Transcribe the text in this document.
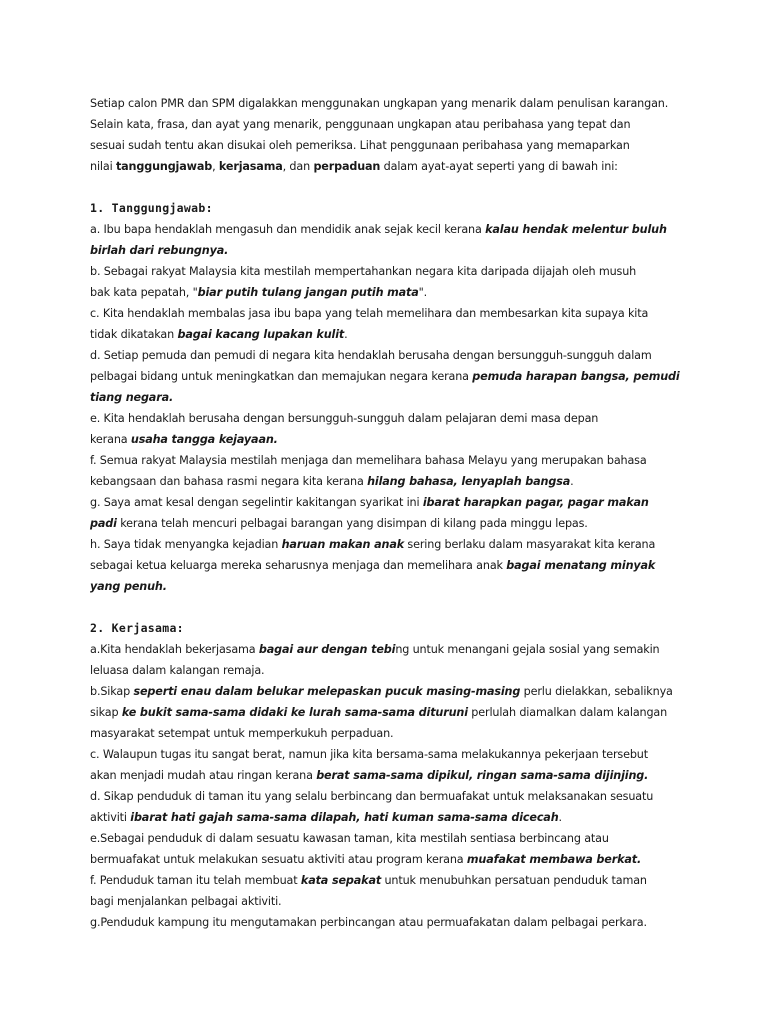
Setiap calon PMR dan SPM digalakkan menggunakan ungkapan yang menarik dalam penulisan karangan.
Selain kata, frasa, dan ayat yang menarik, penggunaan ungkapan atau peribahasa yang tepat dan
sesuai sudah tentu akan disukai oleh pemeriksa. Lihat penggunaan peribahasa yang memaparkan
nilai tanggungjawab, kerjasama, dan perpaduan dalam ayat-ayat seperti yang di bawah ini:
1. Tanggungjawab:
a. Ibu bapa hendaklah mengasuh dan mendidik anak sejak kecil kerana kalau hendak melentur buluh
birlah dari rebungnya.
b. Sebagai rakyat Malaysia kita mestilah mempertahankan negara kita daripada dijajah oleh musuh
bak kata pepatah, "biar putih tulang jangan putih mata".
c. Kita hendaklah membalas jasa ibu bapa yang telah memelihara dan membesarkan kita supaya kita
tidak dikatakan bagai kacang lupakan kulit.
d. Setiap pemuda dan pemudi di negara kita hendaklah berusaha dengan bersungguh-sungguh dalam
pelbagai bidang untuk meningkatkan dan memajukan negara kerana pemuda harapan bangsa, pemudi
tiang negara.
e. Kita hendaklah berusaha dengan bersungguh-sungguh dalam pelajaran demi masa depan
kerana usaha tangga kejayaan.
f. Semua rakyat Malaysia mestilah menjaga dan memelihara bahasa Melayu yang merupakan bahasa
kebangsaan dan bahasa rasmi negara kita kerana hilang bahasa, lenyaplah bangsa.
g. Saya amat kesal dengan segelintir kakitangan syarikat ini ibarat harapkan pagar, pagar makan
padi kerana telah mencuri pelbagai barangan yang disimpan di kilang pada minggu lepas.
h. Saya tidak menyangka kejadian haruan makan anak sering berlaku dalam masyarakat kita kerana
sebagai ketua keluarga mereka seharusnya menjaga dan memelihara anak bagai menatang minyak
yang penuh.
2. Kerjasama:
a.Kita hendaklah bekerjasama bagai aur dengan tebing untuk menangani gejala sosial yang semakin
leluasa dalam kalangan remaja.
b.Sikap seperti enau dalam belukar melepaskan pucuk masing-masing perlu dielakkan, sebaliknya
sikap ke bukit sama-sama didaki ke lurah sama-sama dituruni perlulah diamalkan dalam kalangan
masyarakat setempat untuk memperkukuh perpaduan.
c. Walaupun tugas itu sangat berat, namun jika kita bersama-sama melakukannya pekerjaan tersebut
akan menjadi mudah atau ringan kerana berat sama-sama dipikul, ringan sama-sama dijinjing.
d. Sikap penduduk di taman itu yang selalu berbincang dan bermuafakat untuk melaksanakan sesuatu
aktiviti ibarat hati gajah sama-sama dilapah, hati kuman sama-sama dicecah.
e.Sebagai penduduk di dalam sesuatu kawasan taman, kita mestilah sentiasa berbincang atau
bermuafakat untuk melakukan sesuatu aktiviti atau program kerana muafakat membawa berkat.
f. Penduduk taman itu telah membuat kata sepakat untuk menubuhkan persatuan penduduk taman
bagi menjalankan pelbagai aktiviti.
g.Penduduk kampung itu mengutamakan perbincangan atau permuafakatan dalam pelbagai perkara.
